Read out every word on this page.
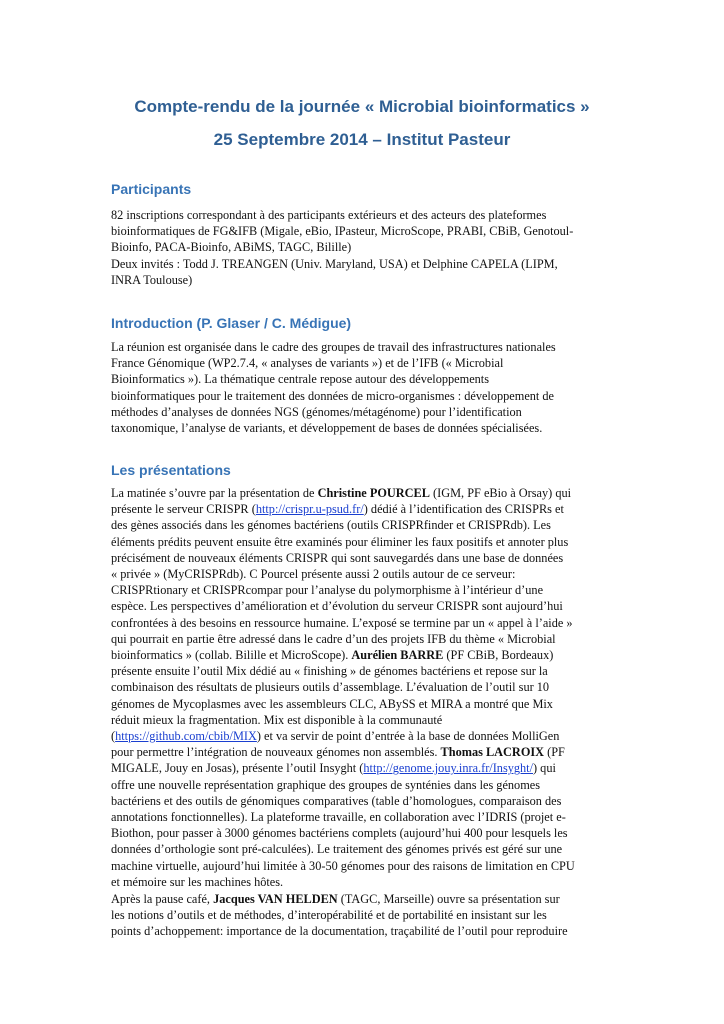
Compte-rendu de la journée « Microbial bioinformatics »
25 Septembre 2014 – Institut Pasteur
Participants
82 inscriptions correspondant à des participants extérieurs et des acteurs des plateformes
bioinformatiques de FG&IFB (Migale, eBio, IPasteur, MicroScope, PRABI, CBiB, Genotoul-
Bioinfo, PACA-Bioinfo, ABiMS, TAGC, Bilille)
Deux invités : Todd J. TREANGEN (Univ. Maryland, USA) et Delphine CAPELA (LIPM,
INRA Toulouse)
Introduction (P. Glaser / C. Médigue)
La réunion est organisée dans le cadre des groupes de travail des infrastructures nationales
France Génomique (WP2.7.4, « analyses de variants ») et de l’IFB (« Microbial
Bioinformatics »). La thématique centrale repose autour des développements
bioinformatiques pour le traitement des données de micro-organismes : développement de
méthodes d’analyses de données NGS (génomes/métagénome) pour l’identification
taxonomique, l’analyse de variants, et développement de bases de données spécialisées.
Les présentations
La matinée s’ouvre par la présentation de Christine POURCEL (IGM, PF eBio à Orsay) qui
présente le serveur CRISPR (http://crispr.u-psud.fr/) dédié à l’identification des CRISPRs et
des gènes associés dans les génomes bactériens (outils CRISPRfinder et CRISPRdb). Les
éléments prédits peuvent ensuite être examinés pour éliminer les faux positifs et annoter plus
précisément de nouveaux éléments CRISPR qui sont sauvegardés dans une base de données
« privée » (MyCRISPRdb). C Pourcel présente aussi 2 outils autour de ce serveur:
CRISPRtionary et CRISPRcompar pour l’analyse du polymorphisme à l’intérieur d’une
espèce. Les perspectives d’amélioration et d’évolution du serveur CRISPR sont aujourd’hui
confrontées à des besoins en ressource humaine. L’exposé se termine par un « appel à l’aide »
qui pourrait en partie être adressé dans le cadre d’un des projets IFB du thème « Microbial
bioinformatics » (collab. Bilille et MicroScope). Aurélien BARRE (PF CBiB, Bordeaux)
présente ensuite l’outil Mix dédié au « finishing » de génomes bactériens et repose sur la
combinaison des résultats de plusieurs outils d’assemblage. L’évaluation de l’outil sur 10
génomes de Mycoplasmes avec les assembleurs CLC, ABySS et MIRA a montré que Mix
réduit mieux la fragmentation. Mix est disponible à la communauté
(https://github.com/cbib/MIX) et va servir de point d’entrée à la base de données MolliGen
pour permettre l’intégration de nouveaux génomes non assemblés. Thomas LACROIX (PF
MIGALE, Jouy en Josas), présente l’outil Insyght (http://genome.jouy.inra.fr/Insyght/) qui
offre une nouvelle représentation graphique des groupes de synténies dans les génomes
bactériens et des outils de génomiques comparatives (table d’homologues, comparaison des
annotations fonctionnelles). La plateforme travaille, en collaboration avec l’IDRIS (projet e-
Biothon, pour passer à 3000 génomes bactériens complets (aujourd’hui 400 pour lesquels les
données d’orthologie sont pré-calculées). Le traitement des génomes privés est géré sur une
machine virtuelle, aujourd’hui limitée à 30-50 génomes pour des raisons de limitation en CPU
et mémoire sur les machines hôtes.
Après la pause café, Jacques VAN HELDEN (TAGC, Marseille) ouvre sa présentation sur
les notions d’outils et de méthodes, d’interopérabilité et de portabilité en insistant sur les
points d’achoppement: importance de la documentation, traçabilité de l’outil pour reproduire
